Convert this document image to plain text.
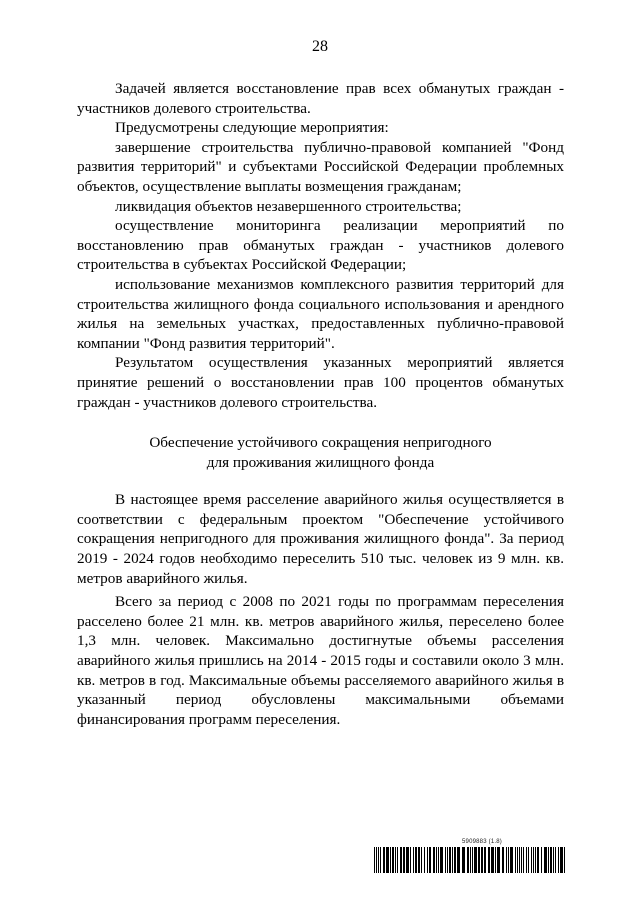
28

Задачей является восстановление прав всех обманутых граждан - участников долевого строительства.

Предусмотрены следующие мероприятия:

завершение строительства публично-правовой компанией "Фонд развития территорий" и субъектами Российской Федерации проблемных объектов, осуществление выплаты возмещения гражданам;

ликвидация объектов незавершенного строительства;

осуществление мониторинга реализации мероприятий по восстановлению прав обманутых граждан - участников долевого строительства в субъектах Российской Федерации;

использование механизмов комплексного развития территорий для строительства жилищного фонда социального использования и арендного жилья на земельных участках, предоставленных публично-правовой компании "Фонд развития территорий".

Результатом осуществления указанных мероприятий является принятие решений о восстановлении прав 100 процентов обманутых граждан - участников долевого строительства.

Обеспечение устойчивого сокращения непригодного
для проживания жилищного фонда

В настоящее время расселение аварийного жилья осуществляется в соответствии с федеральным проектом "Обеспечение устойчивого сокращения непригодного для проживания жилищного фонда". За период 2019 - 2024 годов необходимо переселить 510 тыс. человек из 9 млн. кв. метров аварийного жилья.

Всего за период с 2008 по 2021 годы по программам переселения расселено более 21 млн. кв. метров аварийного жилья, переселено более 1,3 млн. человек. Максимально достигнутые объемы расселения аварийного жилья пришлись на 2014 - 2015 годы и составили около 3 млн. кв. метров в год. Максимальные объемы расселяемого аварийного жилья в указанный период обусловлены максимальными объемами финансирования программ переселения.

5909883 (1.8)
